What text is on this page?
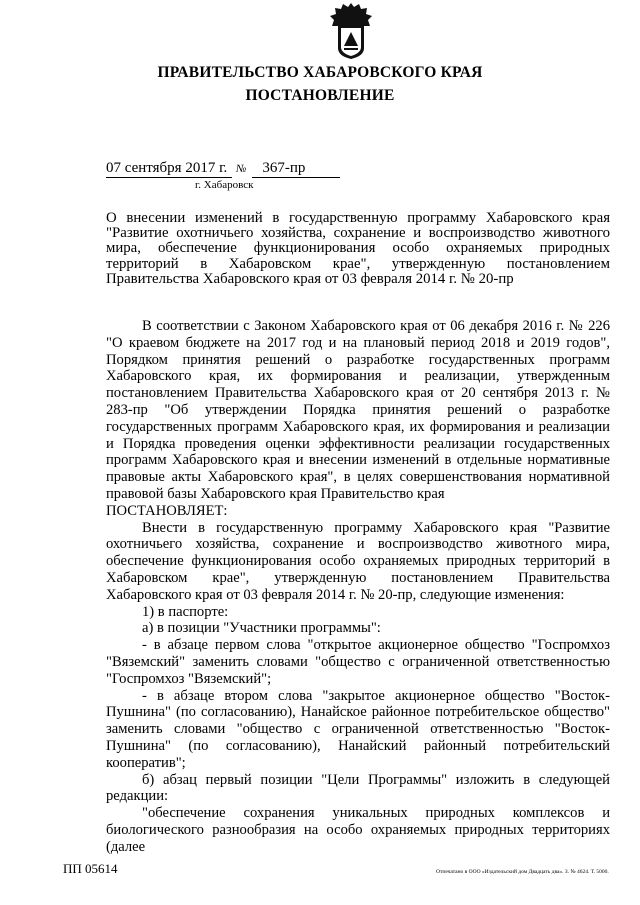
ПРАВИТЕЛЬСТВО ХАБАРОВСКОГО КРАЯ
ПОСТАНОВЛЕНИЕ
07 сентября 2017 г. № 367-пр
г. Хабаровск
О внесении изменений в государственную программу Хабаровского края "Развитие охотничьего хозяйства, сохранение и воспроизводство животного мира, обеспечение функционирования особо охраняемых природных территорий в Хабаровском крае", утвержденную постановлением Правительства Хабаровского края от 03 февраля 2014 г. № 20-пр

В соответствии с Законом Хабаровского края от 06 декабря 2016 г. № 226 "О краевом бюджете на 2017 год и на плановый период 2018 и 2019 годов", Порядком принятия решений о разработке государственных программ Хабаровского края, их формирования и реализации, утвержденным постановлением Правительства Хабаровского края от 20 сентября 2013 г. № 283-пр "Об утверждении Порядка принятия решений о разработке государственных программ Хабаровского края, их формирования и реализации и Порядка проведения оценки эффективности реализации государственных программ Хабаровского края и внесении изменений в отдельные нормативные правовые акты Хабаровского края", в целях совершенствования нормативной правовой базы Хабаровского края Правительство края

ПОСТАНОВЛЯЕТ:

Внести в государственную программу Хабаровского края "Развитие охотничьего хозяйства, сохранение и воспроизводство животного мира, обеспечение функционирования особо охраняемых природных территорий в Хабаровском крае", утвержденную постановлением Правительства Хабаровского края от 03 февраля 2014 г. № 20-пр, следующие изменения:

1) в паспорте:

а) в позиции "Участники программы":

- в абзаце первом слова "открытое акционерное общество "Госпромхоз "Вяземский" заменить словами "общество с ограниченной ответственностью "Госпромхоз "Вяземский";

- в абзаце втором слова "закрытое акционерное общество "Восток-Пушнина" (по согласованию), Нанайское районное потребительское общество" заменить словами "общество с ограниченной ответственностью "Восток-Пушнина" (по согласованию), Нанайский районный потребительский кооператив";

б) абзац первый позиции "Цели Программы" изложить в следующей редакции:

"обеспечение сохранения уникальных природных комплексов и биологического разнообразия на особо охраняемых природных территориях (далее

ПП 05614	Отпечатано в ООО «Издательский дом Двадцать два». З. № 4624. Т. 5000.
